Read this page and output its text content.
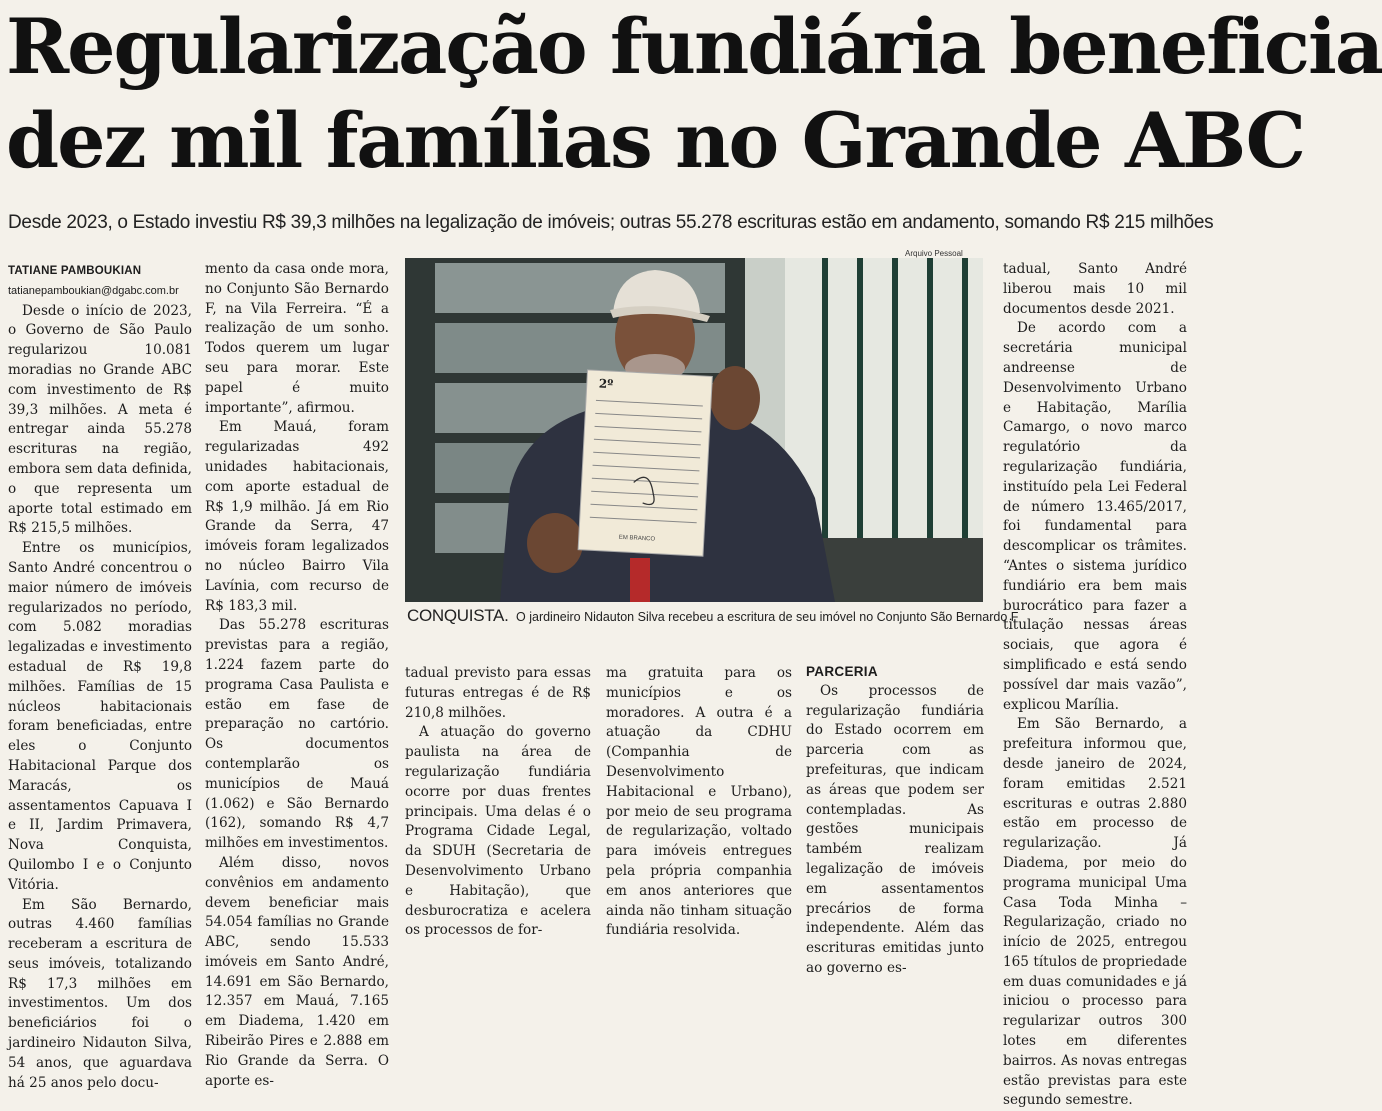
Regularização fundiária beneficia
dez mil famílias no Grande ABC
Desde 2023, o Estado investiu R$ 39,3 milhões na legalização de imóveis; outras 55.278 escrituras estão em andamento, somando R$ 215 milhões

TATIANE PAMBOUKIAN

tatianepamboukian@dgabc.com.br

Desde o início de 2023, o Governo de São Paulo regularizou 10.081 moradias no Grande ABC com investimento de R$ 39,3 milhões. A meta é entregar ainda 55.278 escrituras na região, embora sem data definida, o que representa um aporte total estimado em R$ 215,5 milhões.

Entre os municípios, Santo André concentrou o maior número de imóveis regularizados no período, com 5.082 moradias legalizadas e investimento estadual de R$ 19,8 milhões. Famílias de 15 núcleos habitacionais foram beneficiadas, entre eles o Conjunto Habitacional Parque dos Maracás, os assentamentos Capuava I e II, Jardim Primavera, Nova Conquista, Quilombo I e o Conjunto Vitória.

Em São Bernardo, outras 4.460 famílias receberam a escritura de seus imóveis, totalizando R$ 17,3 milhões em investimentos. Um dos beneficiários foi o jardineiro Nidauton Silva, 54 anos, que aguardava há 25 anos pelo docu-

mento da casa onde mora, no Conjunto São Bernardo F, na Vila Ferreira. “É a realização de um sonho. Todos querem um lugar seu para morar. Este papel é muito importante”, afirmou.

Em Mauá, foram regularizadas 492 unidades habitacionais, com aporte estadual de R$ 1,9 milhão. Já em Rio Grande da Serra, 47 imóveis foram legalizados no núcleo Bairro Vila Lavínia, com recurso de R$ 183,3 mil.

Das 55.278 escrituras previstas para a região, 1.224 fazem parte do programa Casa Paulista e estão em fase de preparação no cartório. Os documentos contemplarão os municípios de Mauá (1.062) e São Bernardo (162), somando R$ 4,7 milhões em investimentos.

Além disso, novos convênios em andamento devem beneficiar mais 54.054 famílias no Grande ABC, sendo 15.533 imóveis em Santo André, 14.691 em São Bernardo, 12.357 em Mauá, 7.165 em Diadema, 1.420 em Ribeirão Pires e 2.888 em Rio Grande da Serra. O aporte es-

Arquivo Pessoal
2º
EM BRANCO
CONQUISTA. O jardineiro Nidauton Silva recebeu a escritura de seu imóvel no Conjunto São Bernardo F

tadual previsto para essas futuras entregas é de R$ 210,8 milhões.

A atuação do governo paulista na área de regularização fundiária ocorre por duas frentes principais. Uma delas é o Programa Cidade Legal, da SDUH (Secretaria de Desenvolvimento Urbano e Habitação), que desburocratiza e acelera os processos de for-

ma gratuita para os municípios e os moradores. A outra é a atuação da CDHU (Companhia de Desenvolvimento Habitacional e Urbano), por meio de seu programa de regularização, voltado para imóveis entregues pela própria companhia em anos anteriores que ainda não tinham situação fundiária resolvida.

PARCERIA

Os processos de regularização fundiária do Estado ocorrem em parceria com as prefeituras, que indicam as áreas que podem ser contempladas. As gestões municipais também realizam legalização de imóveis em assentamentos precários de forma independente. Além das escrituras emitidas junto ao governo es-

tadual, Santo André liberou mais 10 mil documentos desde 2021.

De acordo com a secretária municipal andreense de Desenvolvimento Urbano e Habitação, Marília Camargo, o novo marco regulatório da regularização fundiária, instituído pela Lei Federal de número 13.465/2017, foi fundamental para descomplicar os trâmites. “Antes o sistema jurídico fundiário era bem mais burocrático para fazer a titulação nessas áreas sociais, que agora é simplificado e está sendo possível dar mais vazão”, explicou Marília.

Em São Bernardo, a prefeitura informou que, desde janeiro de 2024, foram emitidas 2.521 escrituras e outras 2.880 estão em processo de regularização. Já Diadema, por meio do programa municipal Uma Casa Toda Minha – Regularização, criado no início de 2025, entregou 165 títulos de propriedade em duas comunidades e já iniciou o processo para regularizar outros 300 lotes em diferentes bairros. As novas entregas estão previstas para este segundo semestre.
